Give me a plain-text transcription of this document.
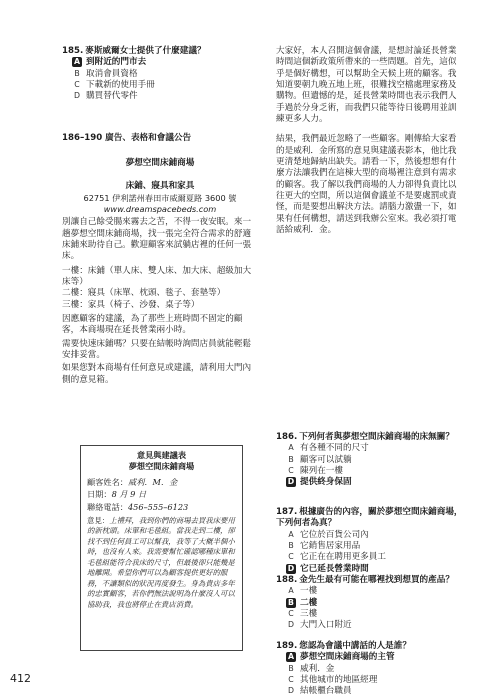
185. 麥斯威爾女士提供了什麼建議？

A 到附近的門市去

B 取消會員資格

C 下載新的使用手冊

D 購買替代零件

186–190 廣告、表格和會議公告

夢想空間床鋪商場

床鋪、寢具和家具

62751 伊利諾州春田市威爾夏路 3600 號

www.dreamspacebeds.com

別讓自己餘受腸來霧去之苦，不得一夜安眠。來一趟夢想空間床鋪商場，找一張完全符合需求的舒適床鋪來助待自己。歡迎顧客來試躺店裡的任何一張床。

一樓：床鋪（單人床、雙人床、加大床、超級加大床等）

二樓：寢具（床單、枕頭、毯子、套墊等）

三樓：家具（椅子、沙發、桌子等）

因應顧客的建議，為了那些上班時間不固定的顧客，本商場現在延長營業兩小時。

需要快速床鋪嗎？只要在結帳時詢問店員就能輕鬆安排妥當。

如果您對本商場有任何意見或建議，請利用大門內側的意見箱。

意見與建議表

夢想空間床鋪商場

顧客姓名：威利．M．金

日期：8 月 9 日

聯絡電話：456–555–6123

意見：上禮拜，我到你們的商場去買我床要用的新枕頭。床單和毛毯組。當我走到二樓，卻找不到任何員工可以幫我，我等了大概半個小時，也沒有人來。我需要幫忙確認哪種床單和毛毯組能符合我床的尺寸，但最後卻只能幾是地離開。希望你們可以為顧客提供更好的服務，不讓類似的狀況再度發生。身為貴店多年的忠實顧客，若你們無法說明為什麼沒人可以協助我，我也將停止在貴店消費。

412

大家好，本人召開這個會議，是想討論延長營業時間這個新政策所帶來的一些問題。首先，這似乎是個好構想，可以幫助全天候上班的顧客。我知道要朝九晚五地上班，很難找空檔處理家務及購物。但遺憾的是，延長營業時間也表示我們人手過於分身乏術，而我們只能等待日後聘用並訓練更多人力。

結果，我們最近忽略了一些顧客。剛傳給大家看的是威利．金所寫的意見與建議表影本，他比我更清楚地歸納出缺失。請看一下，然後想想有什麼方法讓我們在這棟大型的商場裡注意到有需求的顧客。我了解以我們商場的人力卻得負責比以往更大的空間，所以這個會議並不是要處罰或責怪，而是要想出解決方法。請腦力激盪一下，如果有任何構想，請送到我辦公室來。我必須打電話給威利．金。

186. 下列何者與夢想空間床鋪商場的床無關？

A 有各種不同的尺寸

B 顧客可以試躺

C 陳列在一樓

D 提供終身保固

187. 根據廣告的內容，關於夢想空間床鋪商場，下列何者為真？

A 它位於百貨公司內

B 它銷售居家用品

C 它正在在聘用更多員工

D 它已延長營業時間

188. 金先生最有可能在哪裡找到想買的產品？

A 一樓

B 二樓

C 三樓

D 大門入口附近

189. 您認為會議中講話的人是誰？

A 夢想空間床鋪商場的主管

B 威利．金

C 其他城市的地區經理

D 結帳櫃台職員
